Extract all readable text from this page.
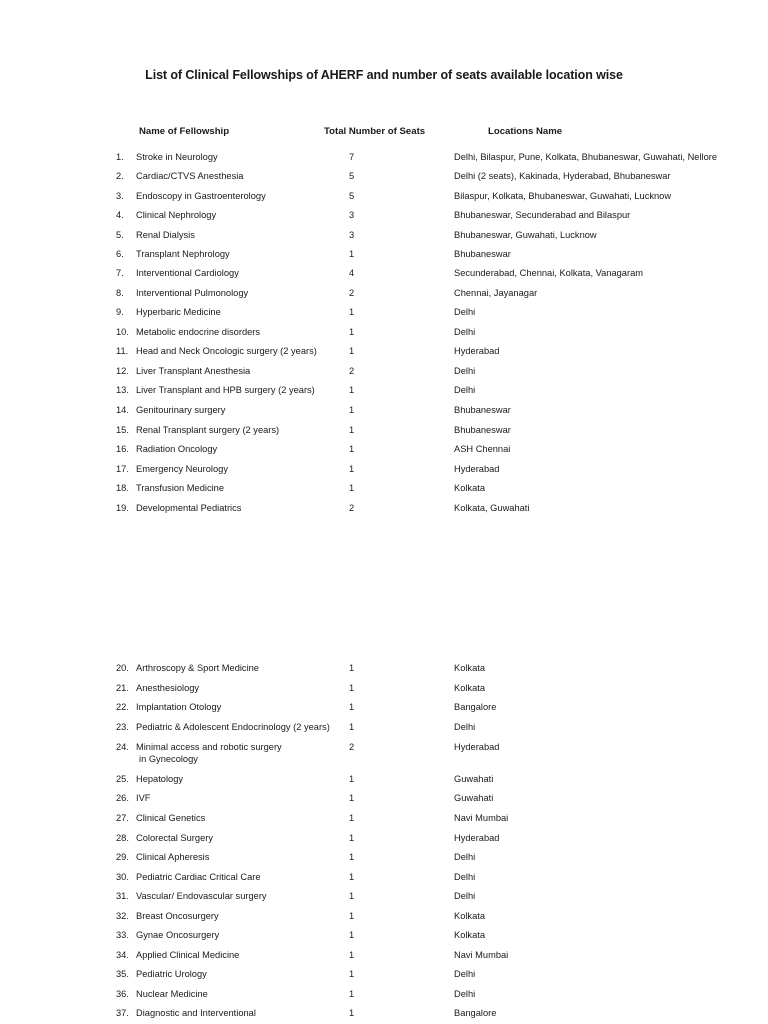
List of Clinical Fellowships of AHERF and number of seats available location wise
Name of Fellowship	Total Number of Seats	Locations Name
1. Stroke in Neurology	7	Delhi, Bilaspur, Pune, Kolkata, Bhubaneswar, Guwahati, Nellore
2. Cardiac/CTVS Anesthesia	5	Delhi (2 seats), Kakinada, Hyderabad, Bhubaneswar
3. Endoscopy in Gastroenterology	5	Bilaspur, Kolkata, Bhubaneswar, Guwahati, Lucknow
4. Clinical Nephrology	3	Bhubaneswar, Secunderabad and Bilaspur
5. Renal Dialysis	3	Bhubaneswar, Guwahati, Lucknow
6. Transplant Nephrology	1	Bhubaneswar
7. Interventional Cardiology	4	Secunderabad, Chennai, Kolkata, Vanagaram
8. Interventional Pulmonology	2	Chennai, Jayanagar
9. Hyperbaric Medicine	1	Delhi
10. Metabolic endocrine disorders	1	Delhi
11. Head and Neck Oncologic surgery (2 years)	1	Hyderabad
12. Liver Transplant Anesthesia	2	Delhi
13. Liver Transplant and HPB surgery (2 years)	1	Delhi
14. Genitourinary surgery	1	Bhubaneswar
15. Renal Transplant surgery (2 years)	1	Bhubaneswar
16. Radiation Oncology	1	ASH Chennai
17. Emergency Neurology	1	Hyderabad
18. Transfusion Medicine	1	Kolkata
19. Developmental Pediatrics	2	Kolkata, Guwahati
20. Arthroscopy & Sport Medicine	1	Kolkata
21. Anesthesiology	1	Kolkata
22. Implantation Otology	1	Bangalore
23. Pediatric & Adolescent Endocrinology (2 years) 1	Delhi
24. Minimal access and robotic surgery
in Gynecology
2	Hyderabad
25. Hepatology	1	Guwahati
26. IVF	1	Guwahati
27. Clinical Genetics	1	Navi Mumbai
28. Colorectal Surgery	1	Hyderabad
29. Clinical Apheresis	1	Delhi
30. Pediatric Cardiac Critical Care	1	Delhi
31. Vascular/ Endovascular surgery	1	Delhi
32. Breast Oncosurgery	1	Kolkata
33. Gynae Oncosurgery	1	Kolkata
34. Applied Clinical Medicine	1	Navi Mumbai
35. Pediatric Urology	1	Delhi
36. Nuclear Medicine	1	Delhi
37. Diagnostic and Interventional	1	Bangalore
